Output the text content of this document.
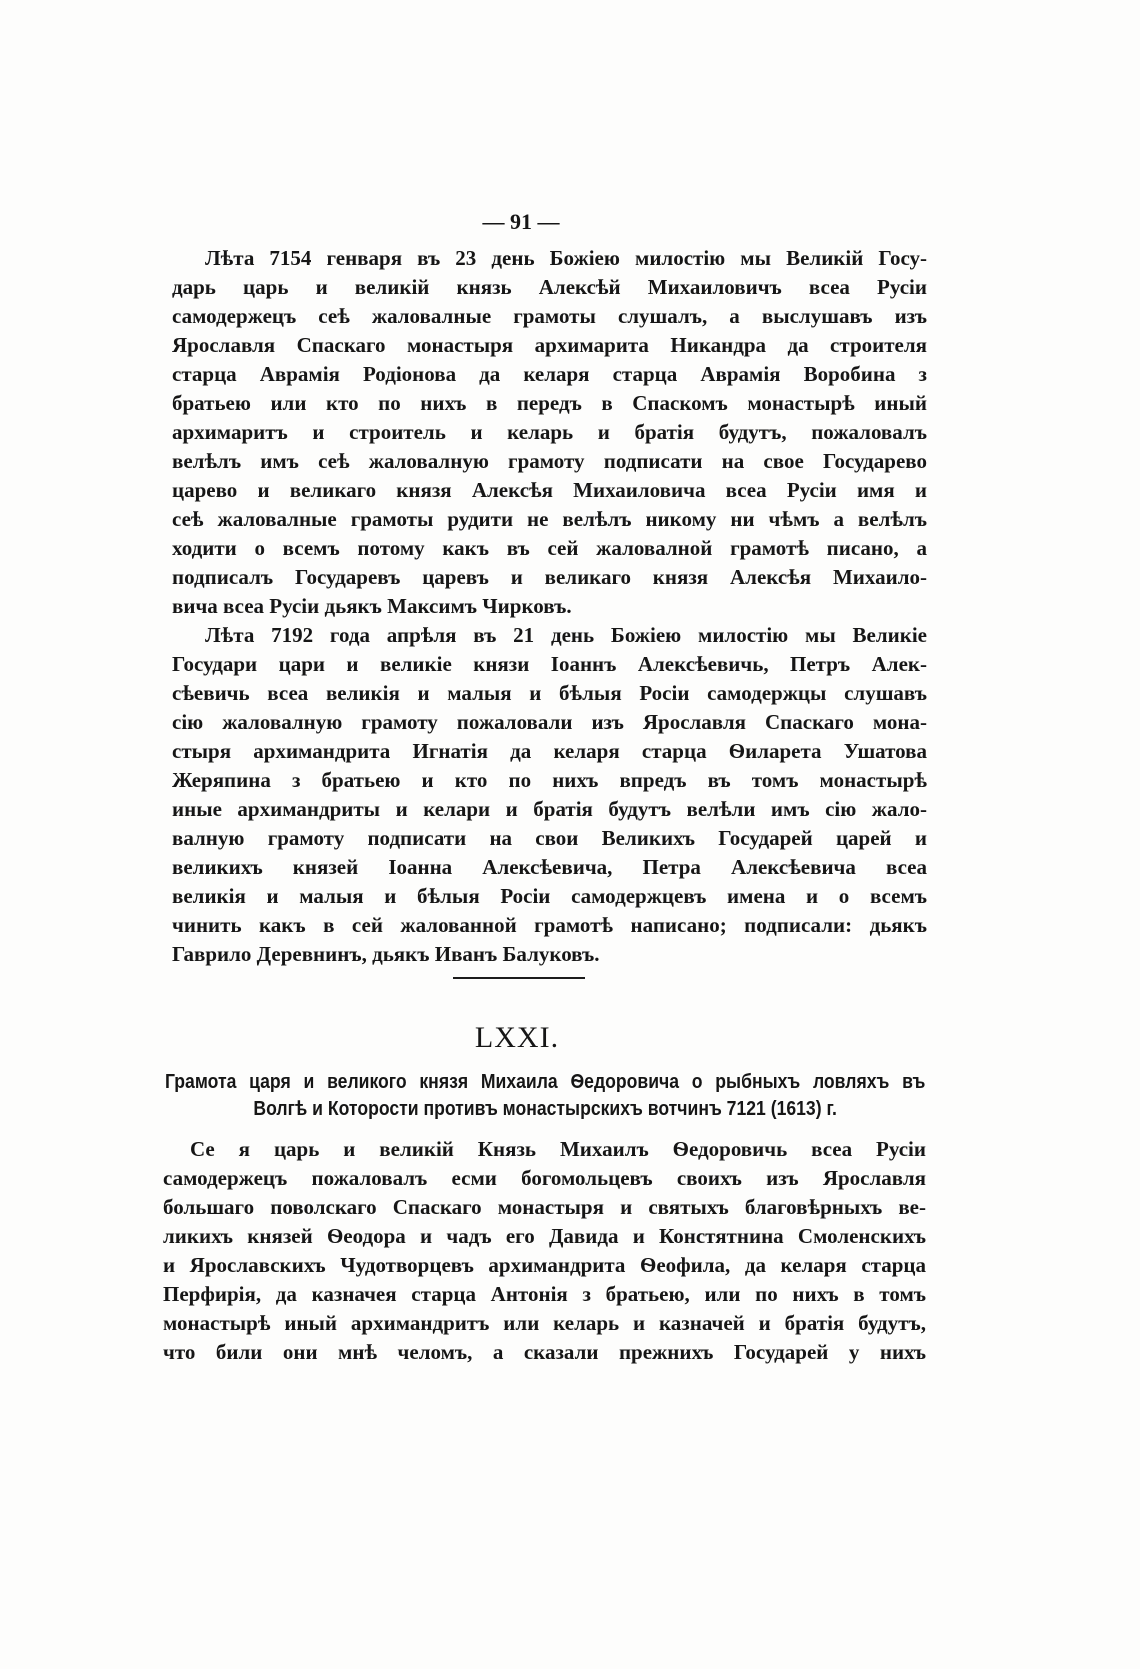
— 91 —
Лѣта 7154 генваря въ 23 день Божіею милостію мы Великій Госу-
дарь царь и великій князь Алексѣй Михаиловичъ всеа Русіи
самодержецъ сеѣ жаловалные грамоты слушалъ, а выслушавъ изъ
Ярославля Спаскаго монастыря архимарита Никандра да строителя
старца Аврамія Родіонова да келаря старца Аврамія Воробина з
братьею или кто по нихъ в передъ в Спаскомъ монастырѣ иный
архимаритъ и строитель и келарь и братія будутъ, пожаловалъ
велѣлъ имъ сеѣ жаловалную грамоту подписати на свое Государево
царево и великаго князя Алексѣя Михаиловича всеа Русіи имя и
сеѣ жаловалные грамоты рудити не велѣлъ никому ни чѣмъ а велѣлъ
ходити о всемъ потому какъ въ сей жаловалной грамотѣ писано, а
подписалъ Государевъ царевъ и великаго князя Алексѣя Михаило-
вича всеа Русіи дьякъ Максимъ Чирковъ.
Лѣта 7192 года апрѣля въ 21 день Божіею милостію мы Великіе
Государи цари и великіе князи Іоаннъ Алексѣевичь, Петръ Алек-
сѣевичь всеа великія и малыя и бѣлыя Росіи самодержцы слушавъ
сію жаловалную грамоту пожаловали изъ Ярославля Спаскаго мона-
стыря архимандрита Игнатія да келаря старца Ѳиларета Ушатова
Жеряпина з братьею и кто по нихъ впредъ въ томъ монастырѣ
иные архимандриты и келари и братія будутъ велѣли имъ сію жало-
валную грамоту подписати на свои Великихъ Государей царей и
великихъ князей Іоанна Алексѣевича, Петра Алексѣевича всеа
великія и малыя и бѣлыя Росіи самодержцевъ имена и о всемъ
чинить какъ в сей жалованной грамотѣ написано; подписали: дьякъ
Гаврило Деревнинъ, дьякъ Иванъ Балуковъ.
LXXI.
Грамота царя и великого князя Михаила Ѳедоровича о рыбныхъ ловляхъ въ
Волгѣ и Которости противъ монастырскихъ вотчинъ 7121 (1613) г.
Се я царь и великій Князь Михаилъ Ѳедоровичь всеа Русіи
самодержецъ пожаловалъ есми богомольцевъ своихъ изъ Ярославля
большаго поволскаго Спаскаго монастыря и святыхъ благовѣрныхъ ве-
ликихъ князей Ѳеодора и чадъ его Давида и Констятнина Смоленскихъ
и Ярославскихъ Чудотворцевъ архимандрита Ѳеофила, да келаря старца
Перфирія, да казначея старца Антонія з братьею, или по нихъ в томъ
монастырѣ иный архимандритъ или келарь и казначей и братія будутъ,
что били они мнѣ челомъ, а сказали прежнихъ Государей у нихъ
